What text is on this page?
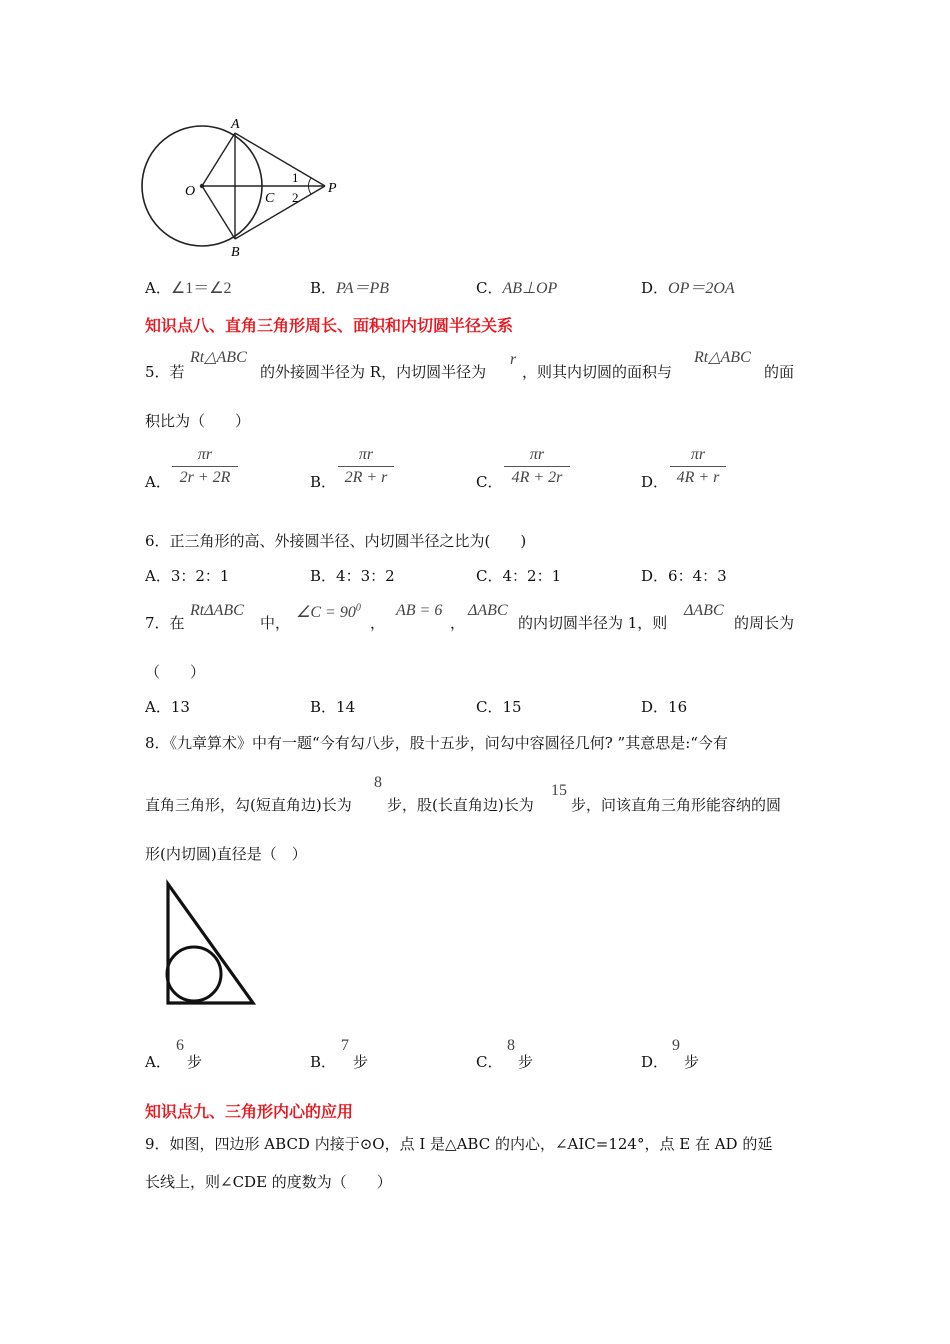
A
B
O	C
P
1
2
A．∠1＝∠2	B．PA＝PB	C．AB⊥OP	D．OP＝2OA
知识点八、直角三角形周长、面积和内切圆半径关系
5．若
Rt△ABC
的外接圆半径为 R，内切圆半径为
r
，则其内切圆的面积与
Rt△ABC
的面
积比为（　　）
A．
πr
2r + 2R	B．
πr
2R + r	C．
πr
4R + 2r	D．
πr
4R + r
6．正三角形的高、外接圆半径、内切圆半径之比为(　　)
A．3：2：1	B．4：3：2	C．4：2：1	D．6：4：3
7．在
RtΔABC
中，
∠C = $90^0$
，
AB = 6
，
ΔABC
的内切圆半径为 1，则
ΔABC
的周长为
（　　）
A．13	B．14	C．15	D．16
8．《九章算术》中有一题“今有勾八步，股十五步，问勾中容圆径几何? ”其意思是:“今有
直角三角形，勾(短直角边)长为
8
步，股(长直角边)长为
15
步，问该直角三角形能容纳的圆
形(内切圆)直径是（　）
A．
6
步	B．
7
步	C．
8
步	D．
9
步
知识点九、三角形内心的应用
9．如图，四边形 ABCD 内接于⊙O，点 I 是△ABC 的内心，∠AIC=124°，点 E 在 AD 的延
长线上，则∠CDE 的度数为（　　）
